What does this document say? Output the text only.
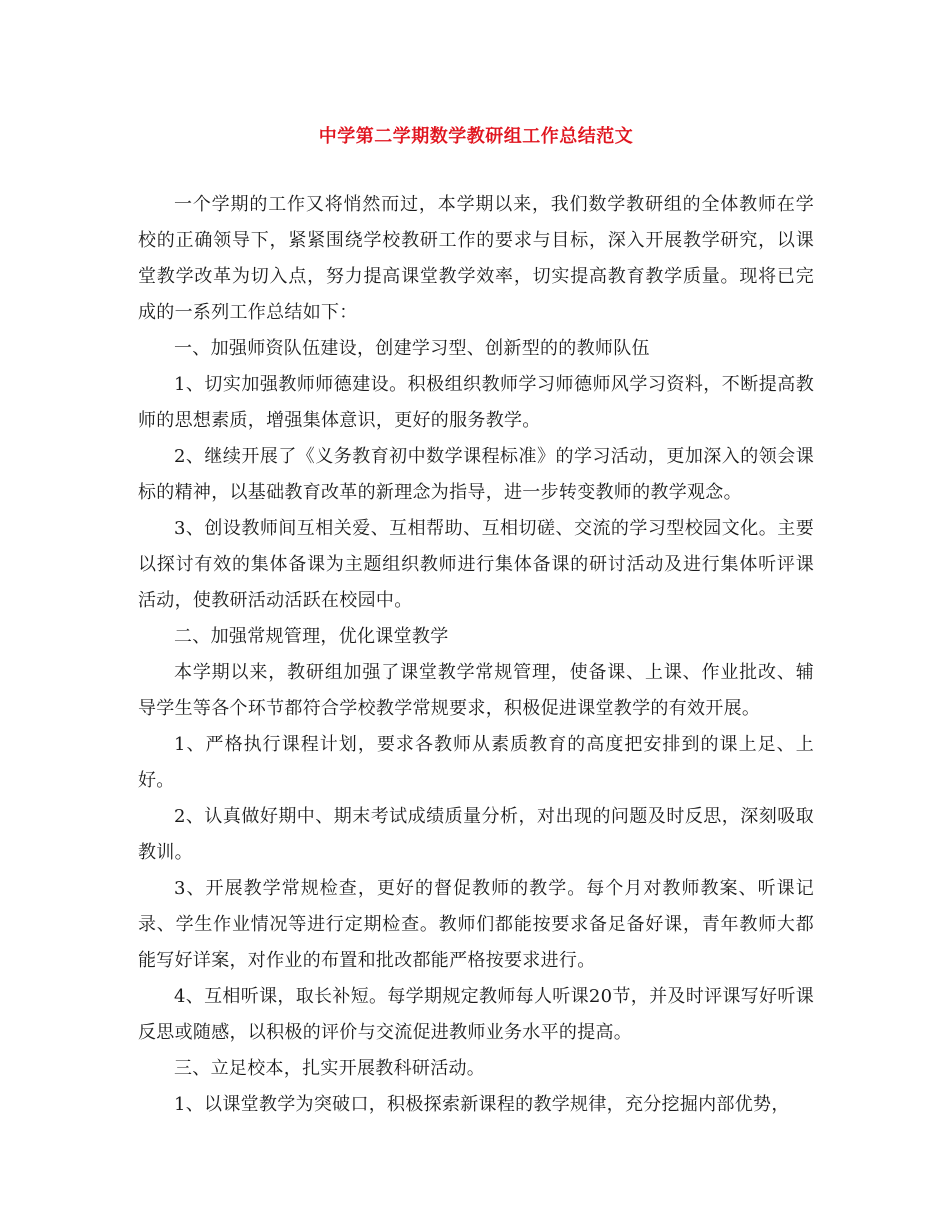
中学第二学期数学教研组工作总结范文

一个学期的工作又将悄然而过，本学期以来，我们数学教研组的全体教师在学校的正确领导下，紧紧围绕学校教研工作的要求与目标，深入开展教学研究，以课堂教学改革为切入点，努力提高课堂教学效率，切实提高教育教学质量。现将已完成的一系列工作总结如下：

一、加强师资队伍建设，创建学习型、创新型的的教师队伍

1、切实加强教师师德建设。积极组织教师学习师德师风学习资料，不断提高教师的思想素质，增强集体意识，更好的服务教学。

2、继续开展了《义务教育初中数学课程标准》的学习活动，更加深入的领会课标的精神，以基础教育改革的新理念为指导，进一步转变教师的教学观念。

3、创设教师间互相关爱、互相帮助、互相切磋、交流的学习型校园文化。主要以探讨有效的集体备课为主题组织教师进行集体备课的研讨活动及进行集体听评课活动，使教研活动活跃在校园中。

二、加强常规管理，优化课堂教学

本学期以来，教研组加强了课堂教学常规管理，使备课、上课、作业批改、辅导学生等各个环节都符合学校教学常规要求，积极促进课堂教学的有效开展。

1、严格执行课程计划，要求各教师从素质教育的高度把安排到的课上足、上好。

2、认真做好期中、期末考试成绩质量分析，对出现的问题及时反思，深刻吸取教训。

3、开展教学常规检查，更好的督促教师的教学。每个月对教师教案、听课记录、学生作业情况等进行定期检查。教师们都能按要求备足备好课，青年教师大都能写好详案，对作业的布置和批改都能严格按要求进行。

4、互相听课，取长补短。每学期规定教师每人听课20节，并及时评课写好听课反思或随感，以积极的评价与交流促进教师业务水平的提高。

三、立足校本，扎实开展教科研活动。

1、以课堂教学为突破口，积极探索新课程的教学规律，充分挖掘内部优势，
